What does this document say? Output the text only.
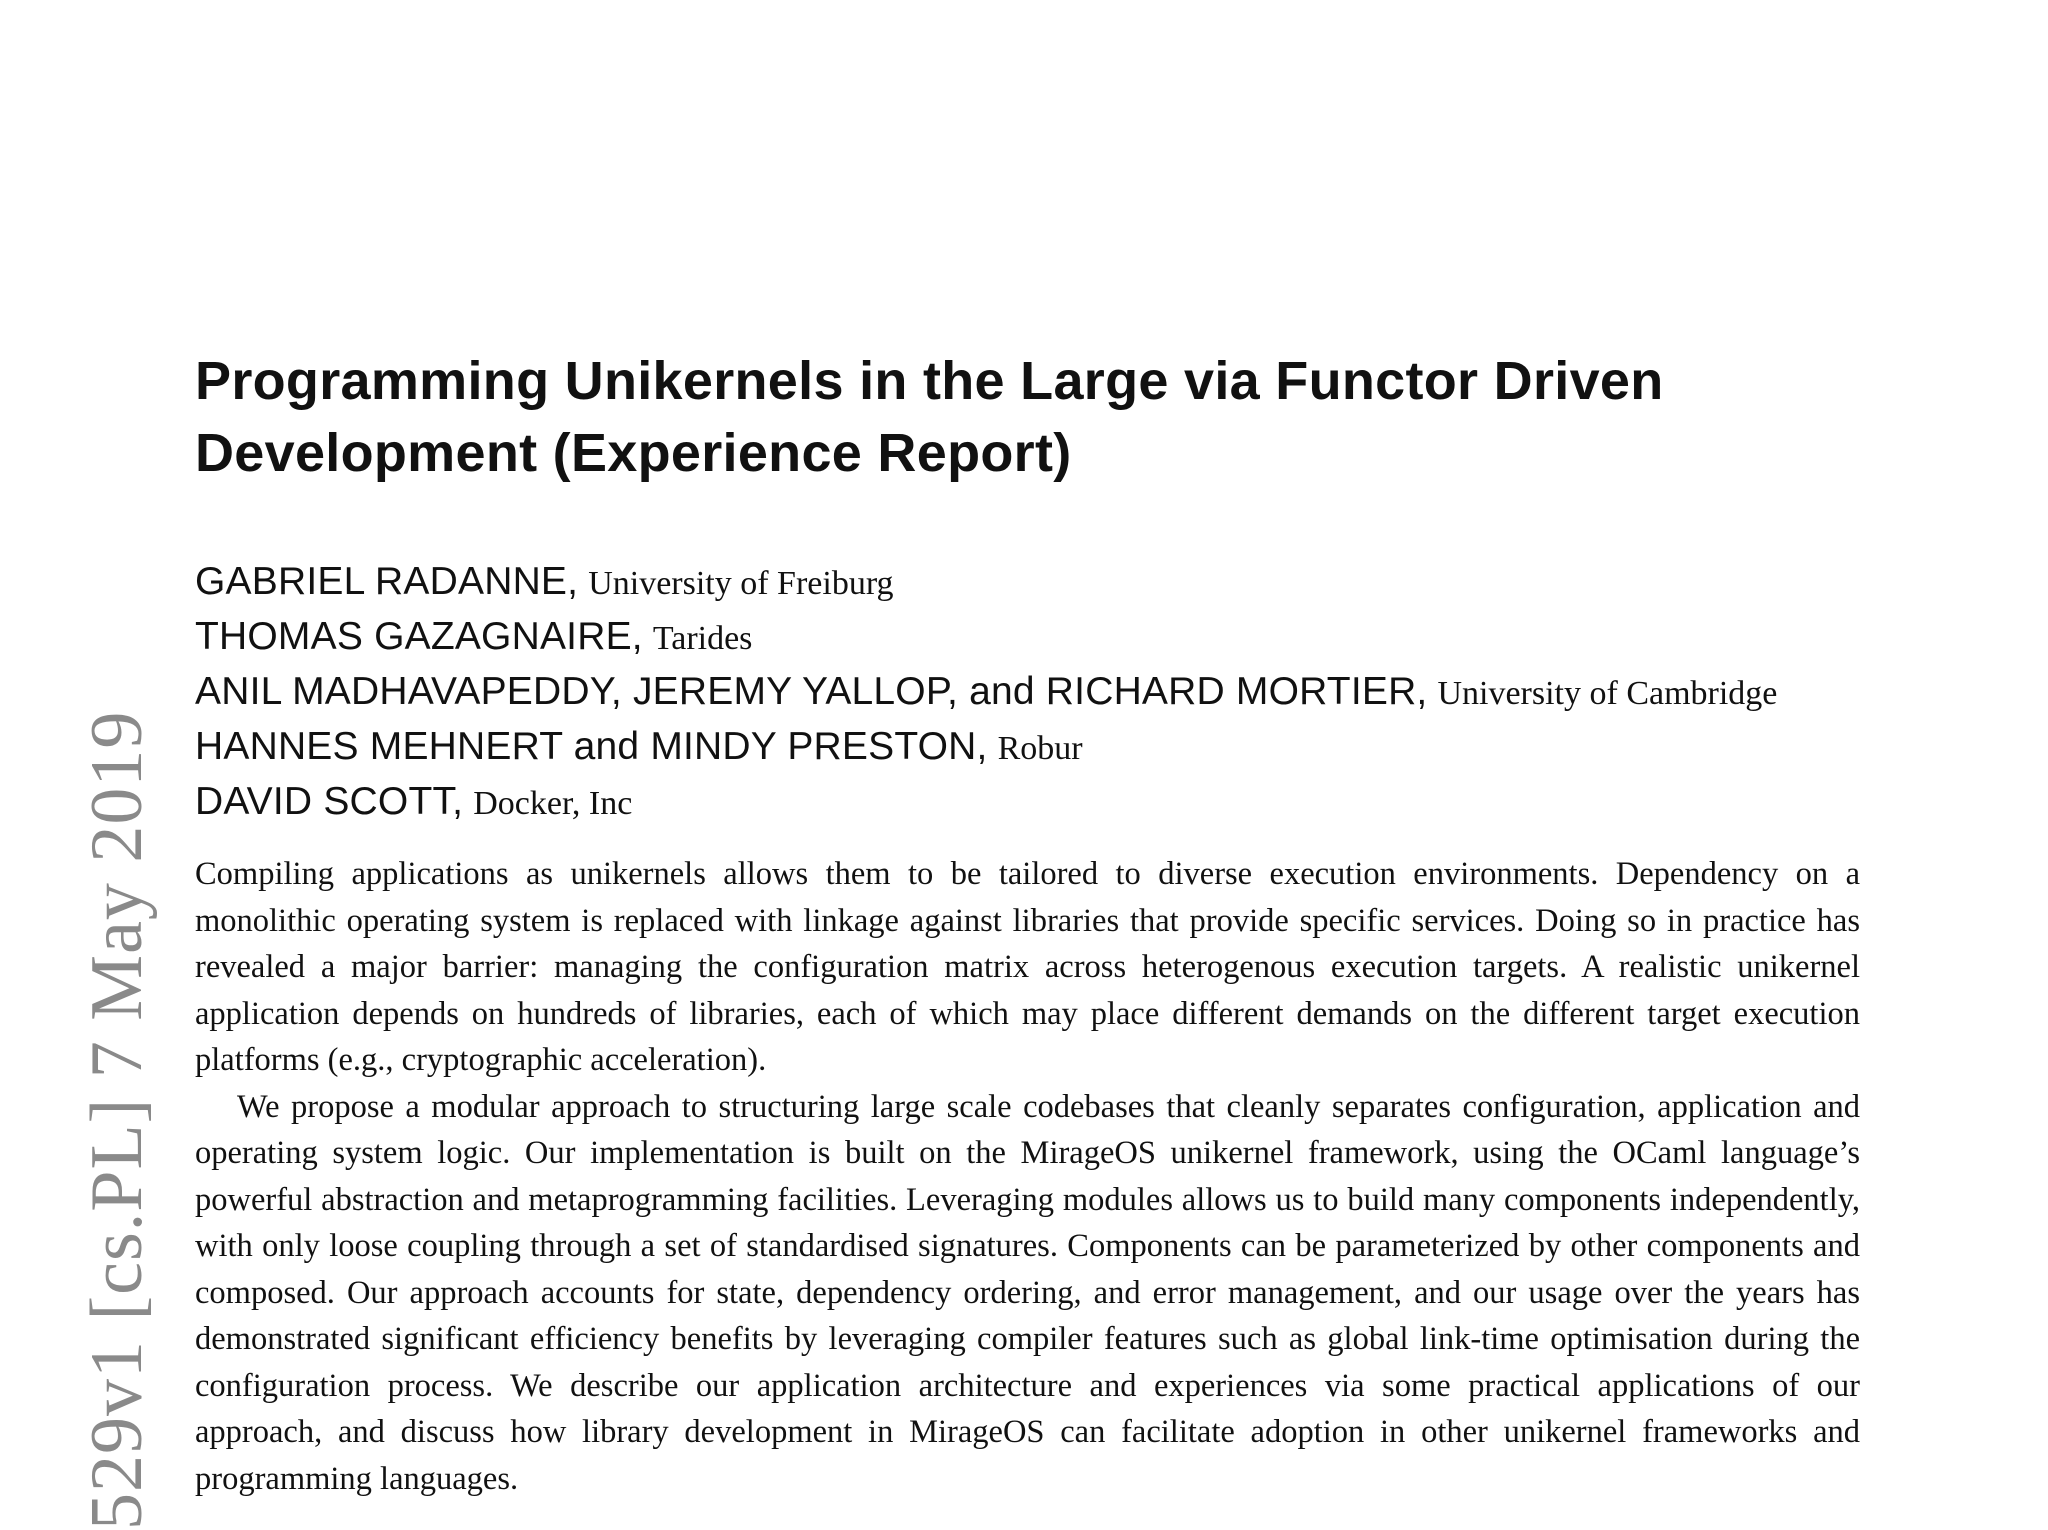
529v1 [cs.PL] 7 May 2019
Programming Unikernels in the Large via Functor Driven
Development (Experience Report)
GABRIEL RADANNE, University of Freiburg
THOMAS GAZAGNAIRE, Tarides
ANIL MADHAVAPEDDY, JEREMY YALLOP, and RICHARD MORTIER, University of Cambridge
HANNES MEHNERT and MINDY PRESTON, Robur
DAVID SCOTT, Docker, Inc

Compiling applications as unikernels allows them to be tailored to diverse execution environments. Dependency on a monolithic operating system is replaced with linkage against libraries that provide specific services. Doing so in practice has revealed a major barrier: managing the configuration matrix across heterogenous execution targets. A realistic unikernel application depends on hundreds of libraries, each of which may place different demands on the different target execution platforms (e.g., cryptographic acceleration).

We propose a modular approach to structuring large scale codebases that cleanly separates configuration, application and operating system logic. Our implementation is built on the MirageOS unikernel framework, using the OCaml language’s powerful abstraction and metaprogramming facilities. Leveraging modules allows us to build many components independently, with only loose coupling through a set of standardised signatures. Components can be parameterized by other components and composed. Our approach accounts for state, dependency ordering, and error management, and our usage over the years has demonstrated significant efficiency benefits by leveraging compiler features such as global link-time optimisation during the configuration process. We describe our application architecture and experiences via some practical applications of our approach, and discuss how library development in MirageOS can facilitate adoption in other unikernel frameworks and programming languages.
